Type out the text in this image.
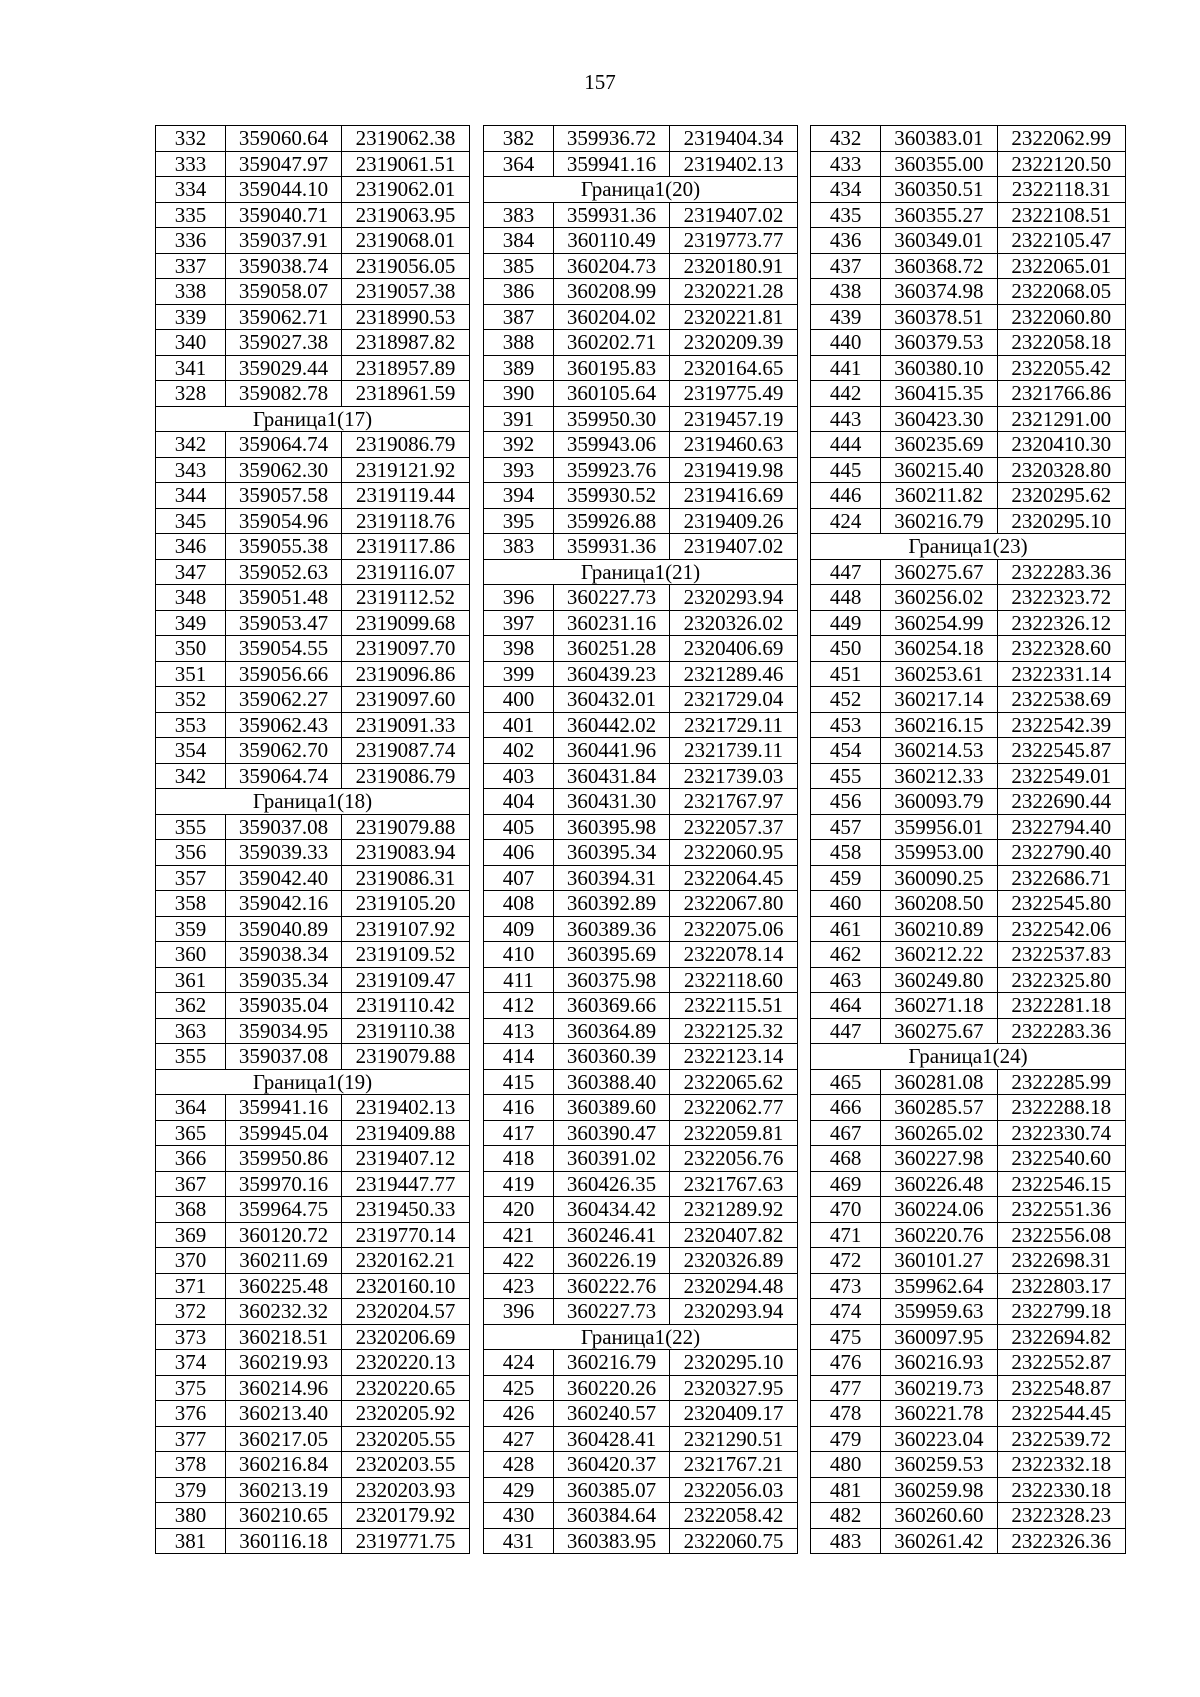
157
332	359060.64	2319062.38
333	359047.97	2319061.51
334	359044.10	2319062.01
335	359040.71	2319063.95
336	359037.91	2319068.01
337	359038.74	2319056.05
338	359058.07	2319057.38
339	359062.71	2318990.53
340	359027.38	2318987.82
341	359029.44	2318957.89
328	359082.78	2318961.59
Граница1(17)		
342	359064.74	2319086.79
343	359062.30	2319121.92
344	359057.58	2319119.44
345	359054.96	2319118.76
346	359055.38	2319117.86
347	359052.63	2319116.07
348	359051.48	2319112.52
349	359053.47	2319099.68
350	359054.55	2319097.70
351	359056.66	2319096.86
352	359062.27	2319097.60
353	359062.43	2319091.33
354	359062.70	2319087.74
342	359064.74	2319086.79
Граница1(18)		
355	359037.08	2319079.88
356	359039.33	2319083.94
357	359042.40	2319086.31
358	359042.16	2319105.20
359	359040.89	2319107.92
360	359038.34	2319109.52
361	359035.34	2319109.47
362	359035.04	2319110.42
363	359034.95	2319110.38
355	359037.08	2319079.88
Граница1(19)		
364	359941.16	2319402.13
365	359945.04	2319409.88
366	359950.86	2319407.12
367	359970.16	2319447.77
368	359964.75	2319450.33
369	360120.72	2319770.14
370	360211.69	2320162.21
371	360225.48	2320160.10
372	360232.32	2320204.57
373	360218.51	2320206.69
374	360219.93	2320220.13
375	360214.96	2320220.65
376	360213.40	2320205.92
377	360217.05	2320205.55
378	360216.84	2320203.55
379	360213.19	2320203.93
380	360210.65	2320179.92
381	360116.18	2319771.75
382	359936.72	2319404.34
364	359941.16	2319402.13
Граница1(20)		
383	359931.36	2319407.02
384	360110.49	2319773.77
385	360204.73	2320180.91
386	360208.99	2320221.28
387	360204.02	2320221.81
388	360202.71	2320209.39
389	360195.83	2320164.65
390	360105.64	2319775.49
391	359950.30	2319457.19
392	359943.06	2319460.63
393	359923.76	2319419.98
394	359930.52	2319416.69
395	359926.88	2319409.26
383	359931.36	2319407.02
Граница1(21)		
396	360227.73	2320293.94
397	360231.16	2320326.02
398	360251.28	2320406.69
399	360439.23	2321289.46
400	360432.01	2321729.04
401	360442.02	2321729.11
402	360441.96	2321739.11
403	360431.84	2321739.03
404	360431.30	2321767.97
405	360395.98	2322057.37
406	360395.34	2322060.95
407	360394.31	2322064.45
408	360392.89	2322067.80
409	360389.36	2322075.06
410	360395.69	2322078.14
411	360375.98	2322118.60
412	360369.66	2322115.51
413	360364.89	2322125.32
414	360360.39	2322123.14
415	360388.40	2322065.62
416	360389.60	2322062.77
417	360390.47	2322059.81
418	360391.02	2322056.76
419	360426.35	2321767.63
420	360434.42	2321289.92
421	360246.41	2320407.82
422	360226.19	2320326.89
423	360222.76	2320294.48
396	360227.73	2320293.94
Граница1(22)		
424	360216.79	2320295.10
425	360220.26	2320327.95
426	360240.57	2320409.17
427	360428.41	2321290.51
428	360420.37	2321767.21
429	360385.07	2322056.03
430	360384.64	2322058.42
431	360383.95	2322060.75
432	360383.01	2322062.99
433	360355.00	2322120.50
434	360350.51	2322118.31
435	360355.27	2322108.51
436	360349.01	2322105.47
437	360368.72	2322065.01
438	360374.98	2322068.05
439	360378.51	2322060.80
440	360379.53	2322058.18
441	360380.10	2322055.42
442	360415.35	2321766.86
443	360423.30	2321291.00
444	360235.69	2320410.30
445	360215.40	2320328.80
446	360211.82	2320295.62
424	360216.79	2320295.10
Граница1(23)		
447	360275.67	2322283.36
448	360256.02	2322323.72
449	360254.99	2322326.12
450	360254.18	2322328.60
451	360253.61	2322331.14
452	360217.14	2322538.69
453	360216.15	2322542.39
454	360214.53	2322545.87
455	360212.33	2322549.01
456	360093.79	2322690.44
457	359956.01	2322794.40
458	359953.00	2322790.40
459	360090.25	2322686.71
460	360208.50	2322545.80
461	360210.89	2322542.06
462	360212.22	2322537.83
463	360249.80	2322325.80
464	360271.18	2322281.18
447	360275.67	2322283.36
Граница1(24)		
465	360281.08	2322285.99
466	360285.57	2322288.18
467	360265.02	2322330.74
468	360227.98	2322540.60
469	360226.48	2322546.15
470	360224.06	2322551.36
471	360220.76	2322556.08
472	360101.27	2322698.31
473	359962.64	2322803.17
474	359959.63	2322799.18
475	360097.95	2322694.82
476	360216.93	2322552.87
477	360219.73	2322548.87
478	360221.78	2322544.45
479	360223.04	2322539.72
480	360259.53	2322332.18
481	360259.98	2322330.18
482	360260.60	2322328.23
483	360261.42	2322326.36
